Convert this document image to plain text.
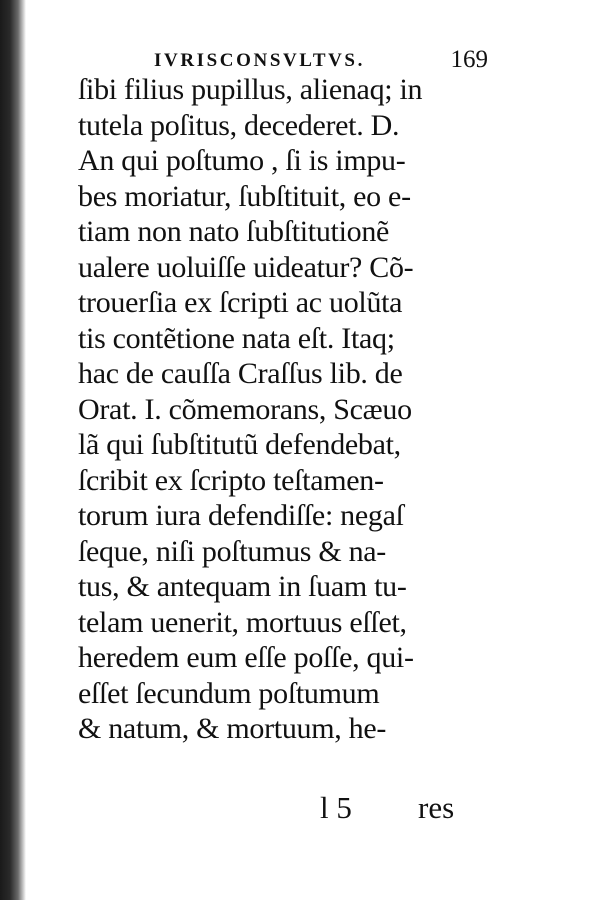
IVRISCONSVLTVS.	169
ſibi filius pupillus, alienaq; in
tutela poſitus, decederet. D.
An qui poſtumo , ſi is impu-
bes moriatur, ſubſtituit, eo e-
tiam non nato ſubſtitutionẽ
ualere uoluiſſe uideatur? Cõ-
trouerſia ex ſcripti ac uolũta
tis contẽtione nata eſt. Itaq;
hac de cauſſa Craſſus lib. de
Orat. I. cõmemorans, Scæuo
lã qui ſubſtitutũ defendebat,
ſcribit ex ſcripto teſtamen-
torum iura defendiſſe: negaſ
ſeque, niſi poſtumus & na-
tus, & antequam in ſuam tu-
telam uenerit, mortuus eſſet,
heredem eum eſſe poſſe, qui-
eſſet ſecundum poſtumum
& natum, & mortuum, he-
l 5 res
